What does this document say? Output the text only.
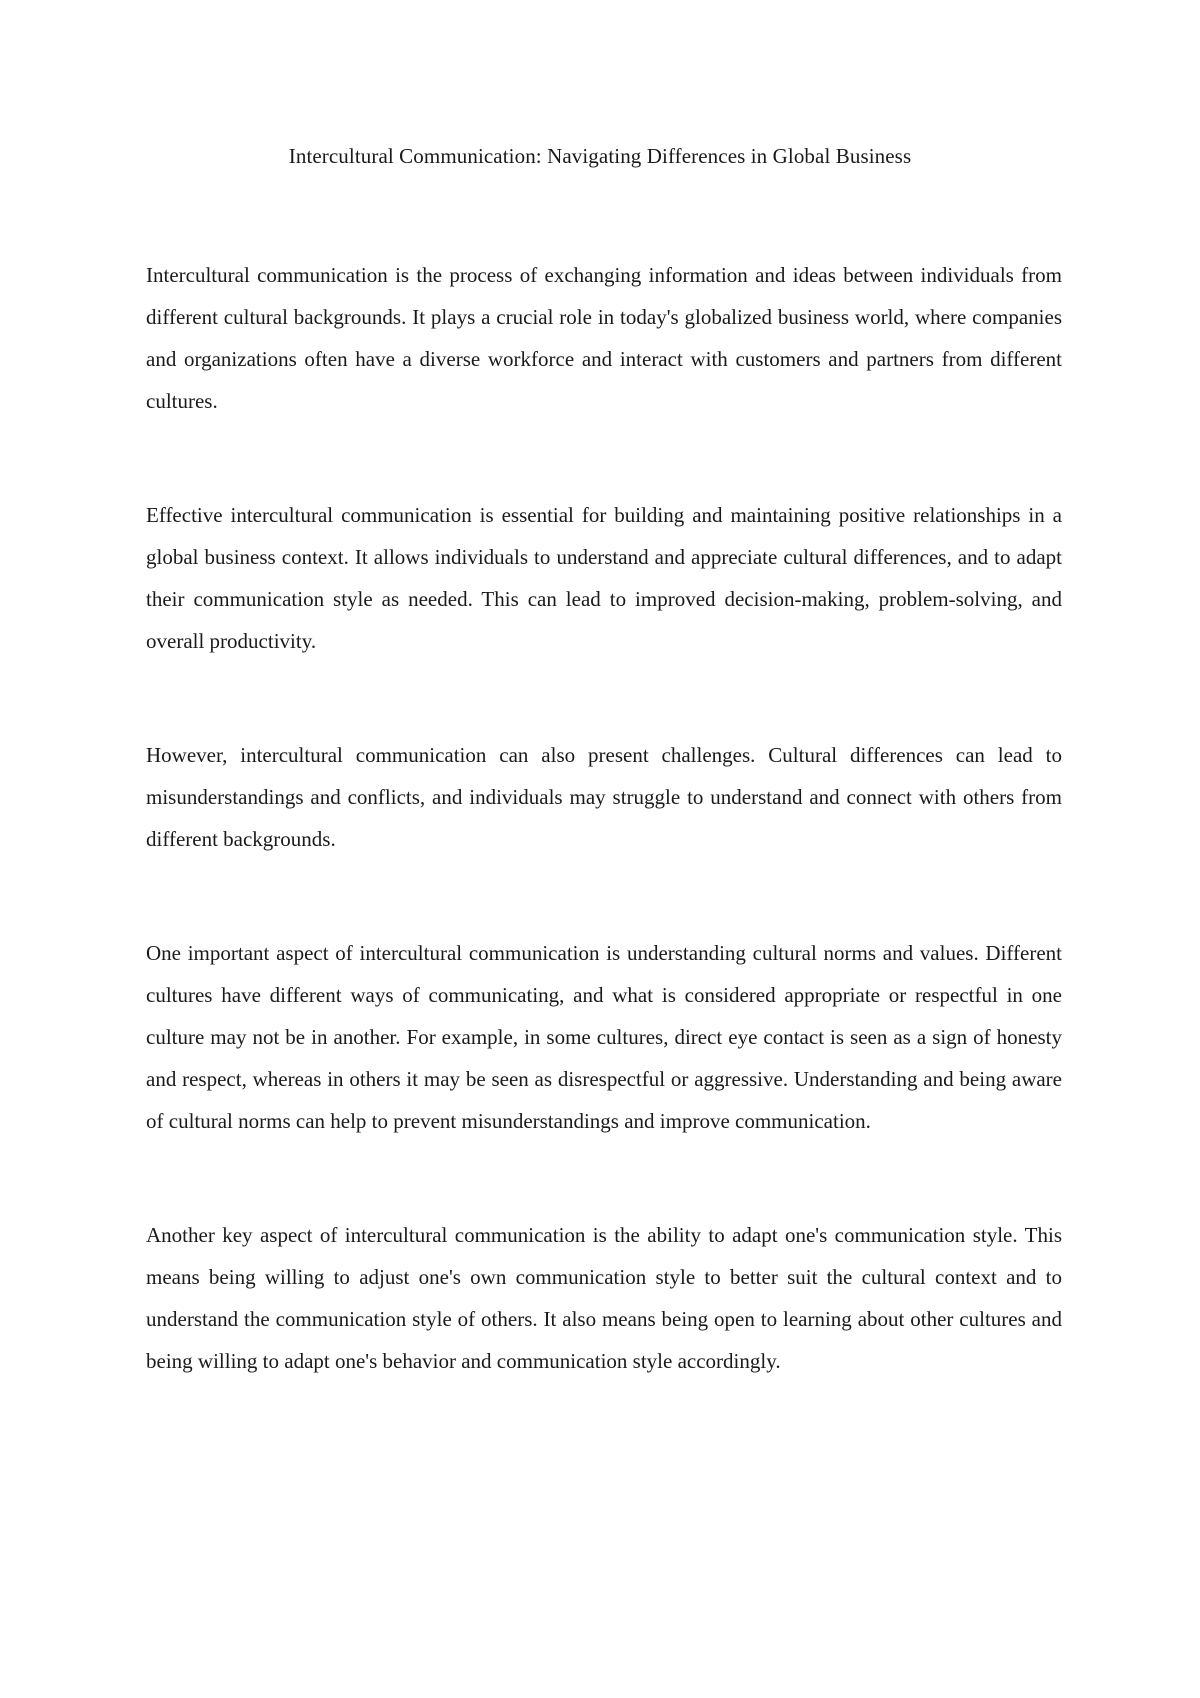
Intercultural Communication: Navigating Differences in Global Business

Intercultural communication is the process of exchanging information and ideas between individuals from different cultural backgrounds. It plays a crucial role in today's globalized business world, where companies and organizations often have a diverse workforce and interact with customers and partners from different cultures.

Effective intercultural communication is essential for building and maintaining positive relationships in a global business context. It allows individuals to understand and appreciate cultural differences, and to adapt their communication style as needed. This can lead to improved decision-making, problem-solving, and overall productivity.

However, intercultural communication can also present challenges. Cultural differences can lead to misunderstandings and conflicts, and individuals may struggle to understand and connect with others from different backgrounds.

One important aspect of intercultural communication is understanding cultural norms and values. Different cultures have different ways of communicating, and what is considered appropriate or respectful in one culture may not be in another. For example, in some cultures, direct eye contact is seen as a sign of honesty and respect, whereas in others it may be seen as disrespectful or aggressive. Understanding and being aware of cultural norms can help to prevent misunderstandings and improve communication.

Another key aspect of intercultural communication is the ability to adapt one's communication style. This means being willing to adjust one's own communication style to better suit the cultural context and to understand the communication style of others. It also means being open to learning about other cultures and being willing to adapt one's behavior and communication style accordingly.
